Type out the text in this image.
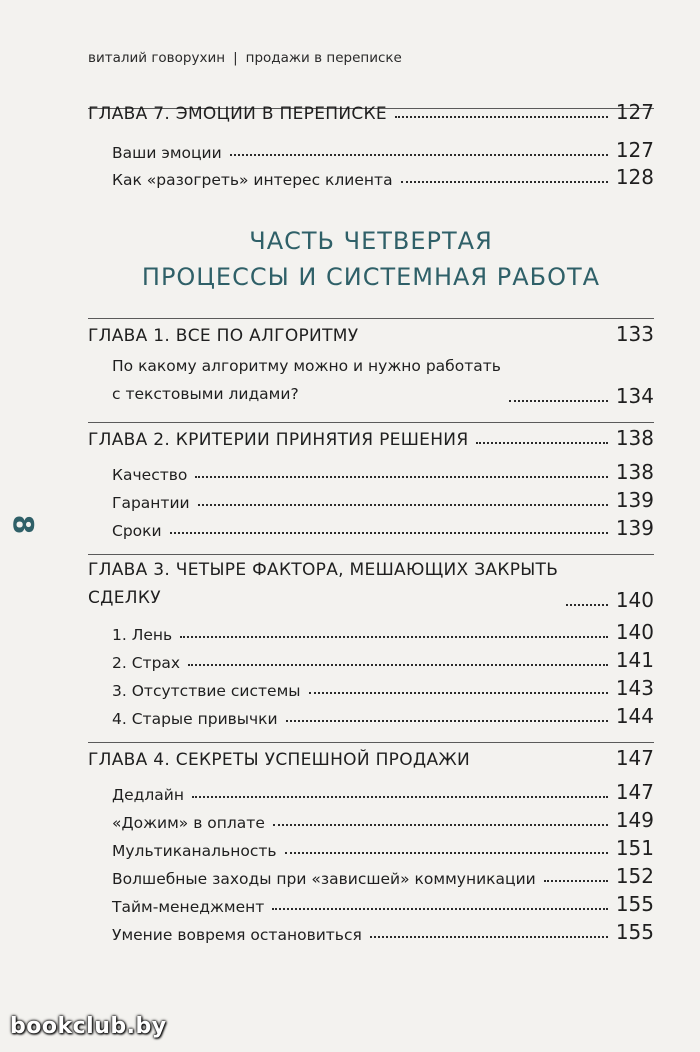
виталий говорухин | продажи в переписке
8
ГЛАВА 7. ЭМОЦИИ В ПЕРЕПИСКЕ	127
Ваши эмоции	127
Как «разогреть» интерес клиента	128
ЧАСТЬ ЧЕТВЕРТАЯ
ПРОЦЕССЫ И СИСТЕМНАЯ РАБОТА
ГЛАВА 1. ВСЕ ПО АЛГОРИТМУ	133
По какому алгоритму можно и нужно работать
с текстовыми лидами?	134
ГЛАВА 2. КРИТЕРИИ ПРИНЯТИЯ РЕШЕНИЯ	138
Качество	138
Гарантии	139
Сроки	139
ГЛАВА 3. ЧЕТЫРЕ ФАКТОРА, МЕШАЮЩИХ ЗАКРЫТЬ
СДЕЛКУ	140
1. Лень	140
2. Страх	141
3. Отсутствие системы	143
4. Старые привычки	144
ГЛАВА 4. СЕКРЕТЫ УСПЕШНОЙ ПРОДАЖИ	147
Дедлайн	147
«Дожим» в оплате	149
Мультиканальность	151
Волшебные заходы при «зависшей» коммуникации	152
Тайм-менеджмент	155
Умение вовремя остановиться	155
bookclub.by
